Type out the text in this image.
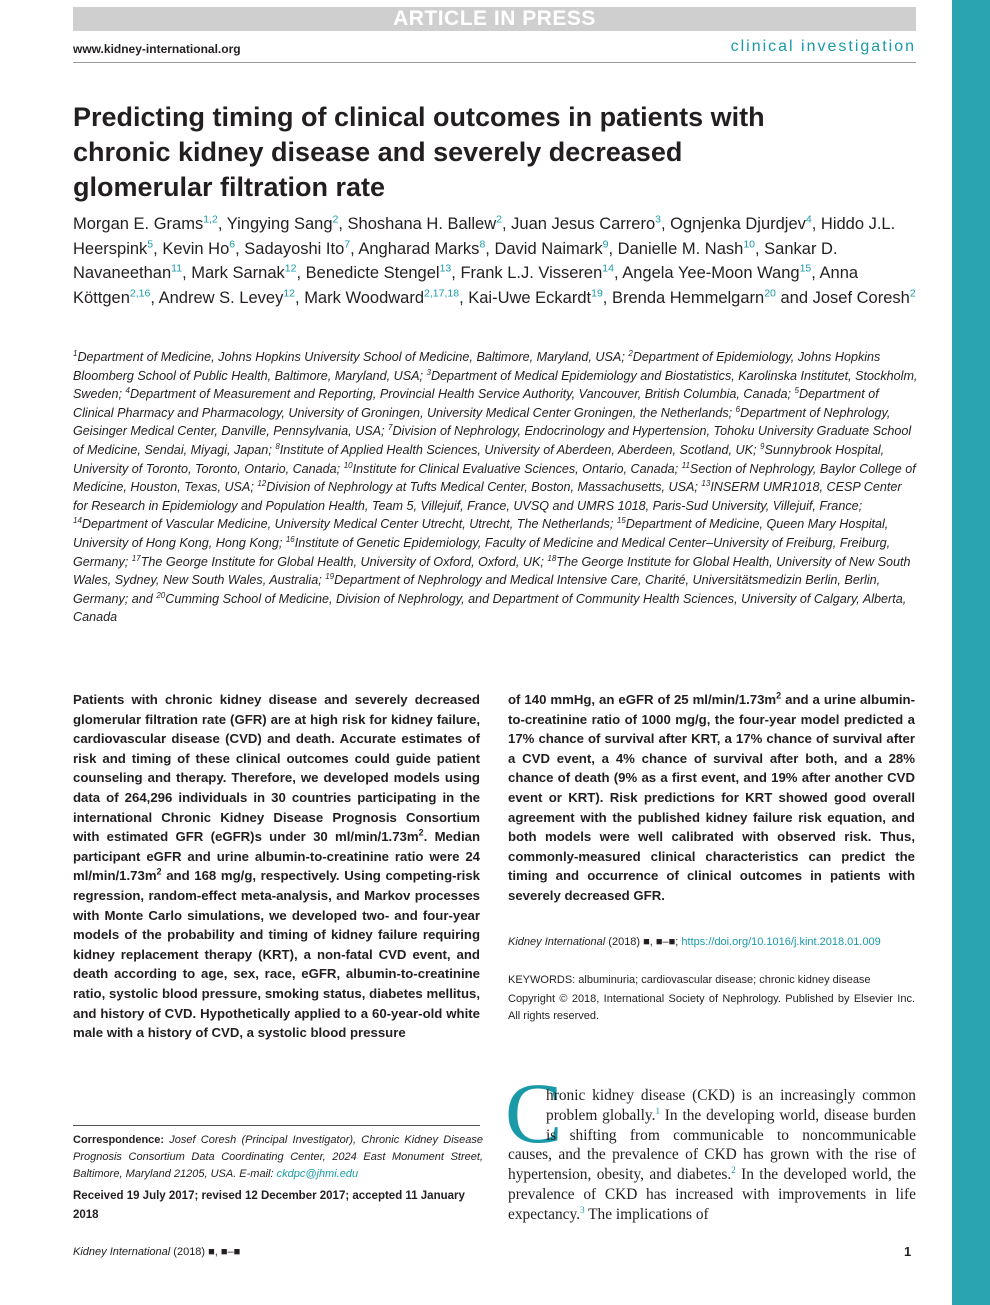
ARTICLE IN PRESS
www.kidney-international.org	clinical investigation
Predicting timing of clinical outcomes in patients with chronic kidney disease and severely decreased glomerular filtration rate
Morgan E. Grams$^{1,2}$, Yingying Sang$^2$, Shoshana H. Ballew$^2$, Juan Jesus Carrero$^3$, Ognjenka Djurdjev$^4$, Hiddo J.L. Heerspink$^5$, Kevin Ho$^6$, Sadayoshi Ito$^7$, Angharad Marks$^8$, David Naimark$^9$, Danielle M. Nash$^{10}$, Sankar D. Navaneethan$^{11}$, Mark Sarnak$^{12}$, Benedicte Stengel$^{13}$, Frank L.J. Visseren$^{14}$, Angela Yee-Moon Wang$^{15}$, Anna Köttgen$^{2,16}$, Andrew S. Levey$^{12}$, Mark Woodward$^{2,17,18}$, Kai-Uwe Eckardt$^{19}$, Brenda Hemmelgarn$^{20}$ and Josef Coresh$^2$
$^1$Department of Medicine, Johns Hopkins University School of Medicine, Baltimore, Maryland, USA; $^2$Department of Epidemiology, Johns Hopkins Bloomberg School of Public Health, Baltimore, Maryland, USA; $^3$Department of Medical Epidemiology and Biostatistics, Karolinska Institutet, Stockholm, Sweden; $^4$Department of Measurement and Reporting, Provincial Health Service Authority, Vancouver, British Columbia, Canada; $^5$Department of Clinical Pharmacy and Pharmacology, University of Groningen, University Medical Center Groningen, the Netherlands; $^6$Department of Nephrology, Geisinger Medical Center, Danville, Pennsylvania, USA; $^7$Division of Nephrology, Endocrinology and Hypertension, Tohoku University Graduate School of Medicine, Sendai, Miyagi, Japan; $^8$Institute of Applied Health Sciences, University of Aberdeen, Aberdeen, Scotland, UK; $^9$Sunnybrook Hospital, University of Toronto, Toronto, Ontario, Canada; $^{10}$Institute for Clinical Evaluative Sciences, Ontario, Canada; $^{11}$Section of Nephrology, Baylor College of Medicine, Houston, Texas, USA; $^{12}$Division of Nephrology at Tufts Medical Center, Boston, Massachusetts, USA; $^{13}$INSERM UMR1018, CESP Center for Research in Epidemiology and Population Health, Team 5, Villejuif, France, UVSQ and UMRS 1018, Paris-Sud University, Villejuif, France; $^{14}$Department of Vascular Medicine, University Medical Center Utrecht, Utrecht, The Netherlands; $^{15}$Department of Medicine, Queen Mary Hospital, University of Hong Kong, Hong Kong; $^{16}$Institute of Genetic Epidemiology, Faculty of Medicine and Medical Center–University of Freiburg, Freiburg, Germany; $^{17}$The George Institute for Global Health, University of Oxford, Oxford, UK; $^{18}$The George Institute for Global Health, University of New South Wales, Sydney, New South Wales, Australia; $^{19}$Department of Nephrology and Medical Intensive Care, Charité, Universitätsmedizin Berlin, Berlin, Germany; and $^{20}$Cumming School of Medicine, Division of Nephrology, and Department of Community Health Sciences, University of Calgary, Alberta, Canada
Patients with chronic kidney disease and severely decreased glomerular filtration rate (GFR) are at high risk for kidney failure, cardiovascular disease (CVD) and death. Accurate estimates of risk and timing of these clinical outcomes could guide patient counseling and therapy. Therefore, we developed models using data of 264,296 individuals in 30 countries participating in the international Chronic Kidney Disease Prognosis Consortium with estimated GFR (eGFR)s under 30 $ml/\min/1.73m^2$. Median participant eGFR and urine albumin-to-creatinine ratio were 24 $ml/\min/1.73m^2$ and 168 mg/g, respectively. Using competing-risk regression, random-effect meta-analysis, and Markov processes with Monte Carlo simulations, we developed two- and four-year models of the probability and timing of kidney failure requiring kidney replacement therapy (KRT), a non-fatal CVD event, and death according to age, sex, race, eGFR, albumin-to-creatinine ratio, systolic blood pressure, smoking status, diabetes mellitus, and history of CVD. Hypothetically applied to a 60-year-old white male with a history of CVD, a systolic blood pressure
of 140 mmHg, an eGFR of 25 $ml/\min/1.73m^2$ and a urine albumin-to-creatinine ratio of 1000 mg/g, the four-year model predicted a 17% chance of survival after KRT, a 17% chance of survival after a CVD event, a 4% chance of survival after both, and a 28% chance of death (9% as a first event, and 19% after another CVD event or KRT). Risk predictions for KRT showed good overall agreement with the published kidney failure risk equation, and both models were well calibrated with observed risk. Thus, commonly-measured clinical characteristics can predict the timing and occurrence of clinical outcomes in patients with severely decreased GFR.
Kidney International (2018) ■, ■–■; https://doi.org/10.1016/j.kint.2018.01.009
KEYWORDS: albuminuria; cardiovascular disease; chronic kidney disease
Copyright © 2018, International Society of Nephrology. Published by Elsevier Inc. All rights reserved.
Correspondence: Josef Coresh (Principal Investigator), Chronic Kidney Disease Prognosis Consortium Data Coordinating Center, 2024 East Monument Street, Baltimore, Maryland 21205, USA. E-mail: ckdpc@jhmi.edu
Received 19 July 2017; revised 12 December 2017; accepted 11 January 2018
C
hronic kidney disease (CKD) is an increasingly common problem globally.$^1$ In the developing world, disease burden is shifting from communicable to noncommunicable causes, and the prevalence of CKD has grown with the rise of hypertension, obesity, and diabetes.$^2$ In the developed world, the prevalence of CKD has increased with improvements in life expectancy.$^3$ The implications of
Kidney International (2018) ■, ■–■	1
